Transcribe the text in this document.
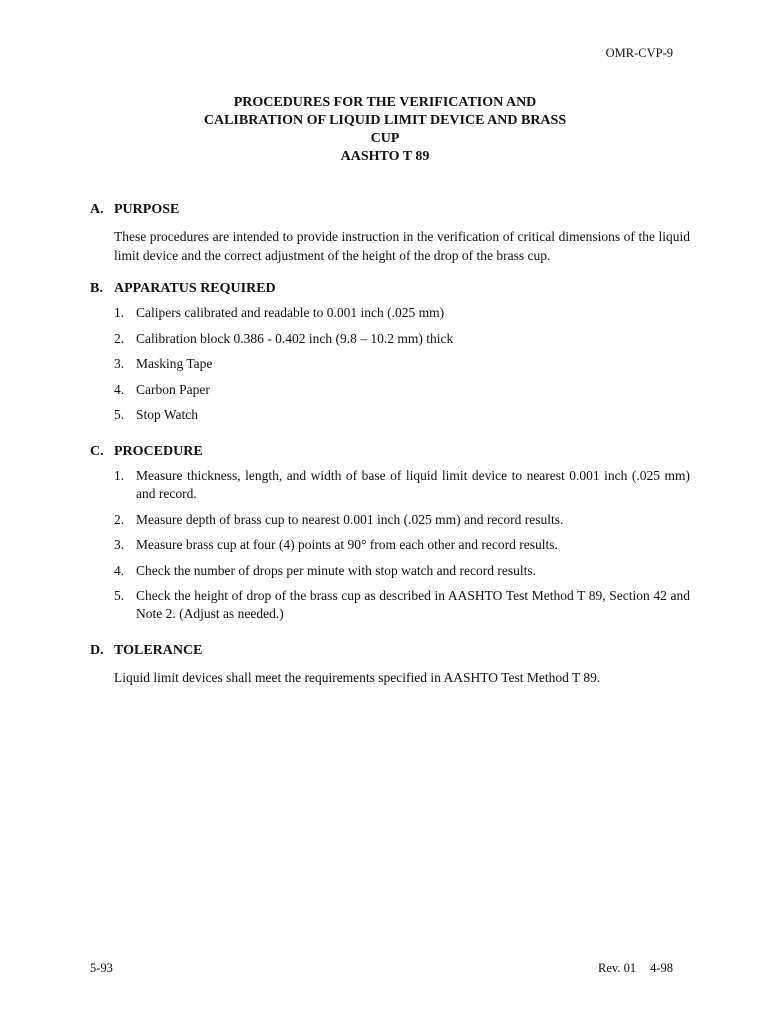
OMR-CVP-9
PROCEDURES FOR THE VERIFICATION AND
CALIBRATION OF LIQUID LIMIT DEVICE AND BRASS
CUP
AASHTO T 89
A. PURPOSE

These procedures are intended to provide instruction in the verification of critical dimensions of the liquid limit device and the correct adjustment of the height of the drop of the brass cup.

B. APPARATUS REQUIRED
1. Calipers calibrated and readable to 0.001 inch (.025 mm)
2. Calibration block 0.386 - 0.402 inch (9.8 – 10.2 mm) thick
3. Masking Tape
4. Carbon Paper
5. Stop Watch
C. PROCEDURE
1. Measure thickness, length, and width of base of liquid limit device to nearest 0.001 inch (.025 mm) and record.
2. Measure depth of brass cup to nearest 0.001 inch (.025 mm) and record results.
3. Measure brass cup at four (4) points at 90° from each other and record results.
4. Check the number of drops per minute with stop watch and record results.
5. Check the height of drop of the brass cup as described in AASHTO Test Method T 89, Section 42 and Note 2. (Adjust as needed.)
D. TOLERANCE

Liquid limit devices shall meet the requirements specified in AASHTO Test Method T 89.

5-93	Rev. 01 4-98
